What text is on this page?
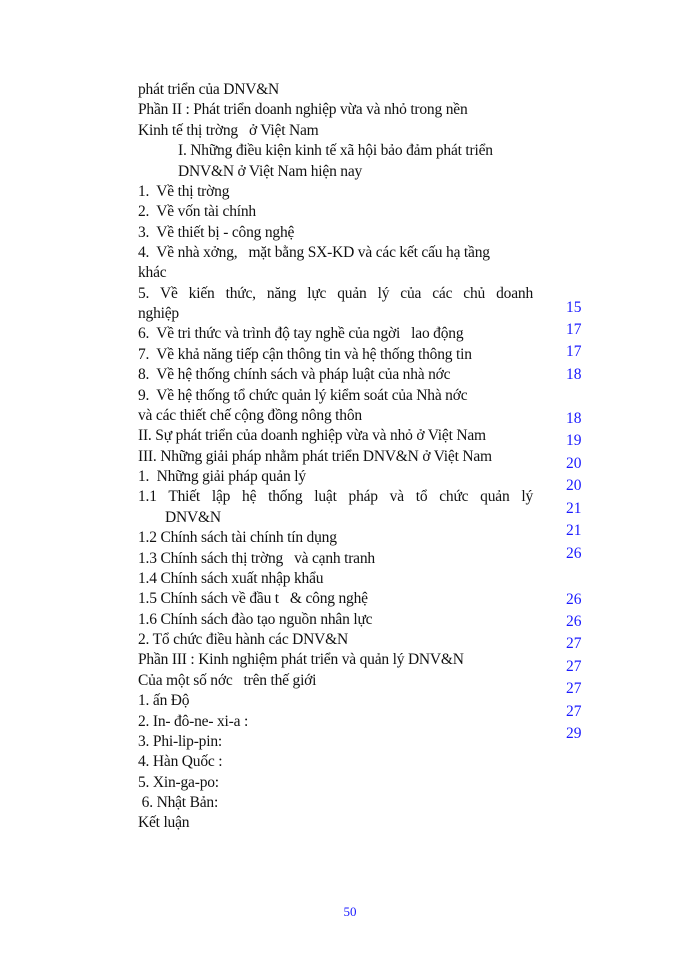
phát triển của DNV&N
Phần II : Phát triển doanh nghiệp vừa và nhỏ trong nền
Kinh tế thị trờng   ở Việt Nam
I. Những điều kiện kinh tế xã hội bảo đảm phát triển
DNV&N ở Việt Nam hiện nay
1.  Về thị trờng
2.  Về vốn tài chính
3.  Về thiết bị - công nghệ
4.  Về nhà xởng,   mặt bằng SX-KD và các kết cấu hạ tầng
khác
5. Về kiến thức, năng lực quản lý của các chủ doanh
nghiệp
6.  Về tri thức và trình độ tay nghề của ngời   lao động
7.  Về khả năng tiếp cận thông tin và hệ thống thông tin
8.  Về hệ thống chính sách và pháp luật của nhà nớc
9.  Về hệ thống tổ chức quản lý kiểm soát của Nhà nớc
và các thiết chế cộng đồng nông thôn
II. Sự phát triển của doanh nghiệp vừa và nhỏ ở Việt Nam
III. Những giải pháp nhằm phát triển DNV&N ở Việt Nam
1.  Những giải pháp quản lý
1.1 Thiết lập hệ thống luật pháp và tổ chức quản lý
DNV&N
1.2 Chính sách tài chính tín dụng
1.3 Chính sách thị trờng   và cạnh tranh
1.4 Chính sách xuất nhập khẩu
1.5 Chính sách về đầu t   & công nghệ
1.6 Chính sách đào tạo nguồn nhân lực
2. Tổ chức điều hành các DNV&N
Phần III : Kinh nghiệm phát triển và quản lý DNV&N
Của một số nớc   trên thế giới
1. ấn Độ
2. In- đô-ne- xi-a :
3. Phi-lip-pin:
4. Hàn Quốc :
5. Xin-ga-po:
6. Nhật Bản:
Kết luận
15
17
17
18
18
19
20
20
21
21
26
26
26
27
27
27
27
29
50
